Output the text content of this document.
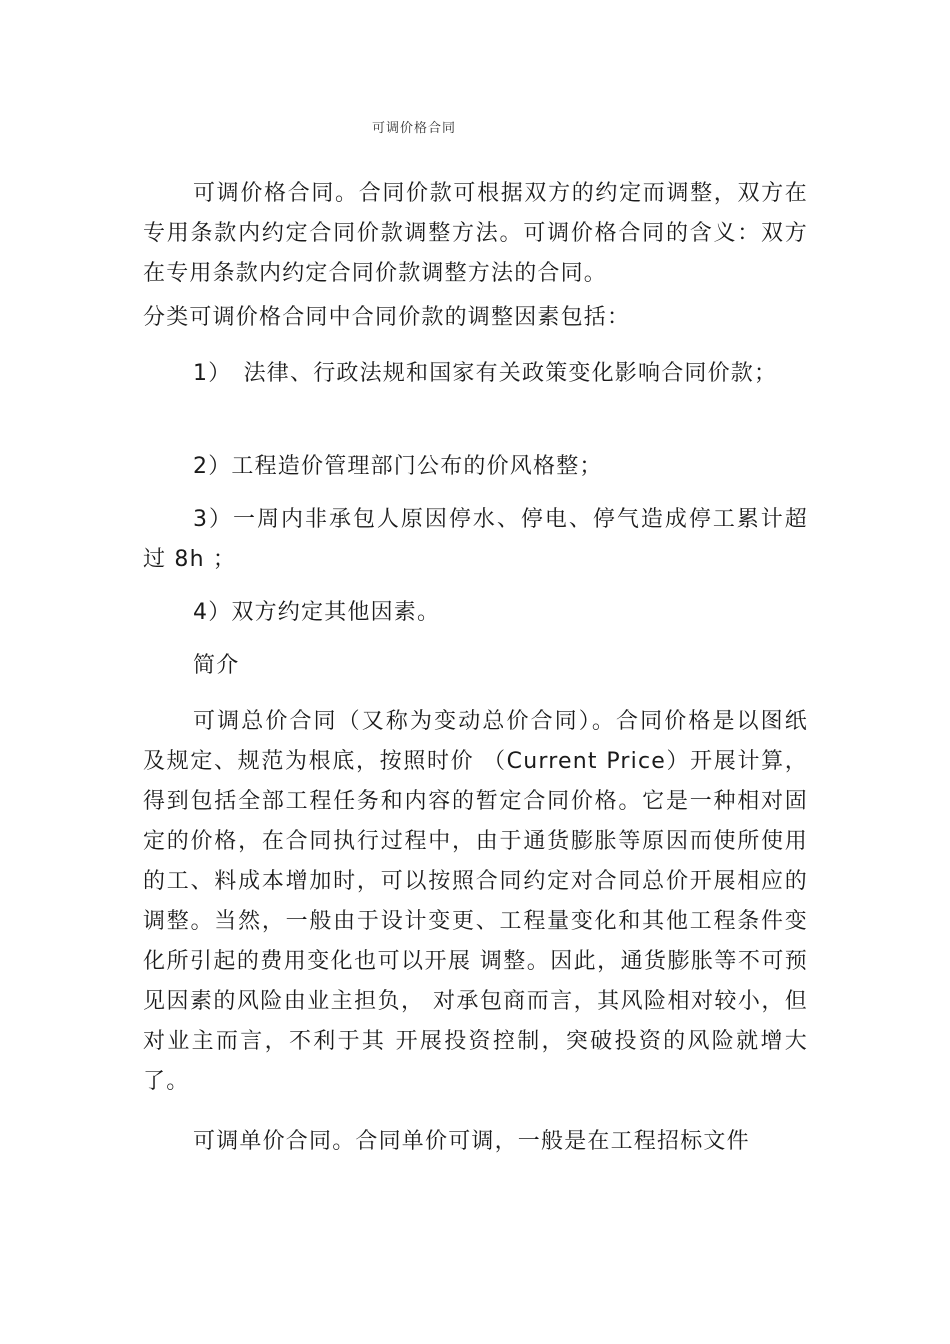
可调价格合同
可调价格合同。合同价款可根据双方的约定而调整，双方在专用条款内约定合同价款调整方法。可调价格合同的含义：双方在专用条款内约定合同价款调整方法的合同。
分类可调价格合同中合同价款的调整因素包括：
1）　法律、行政法规和国家有关政策变化影响合同价款；
2）工程造价管理部门公布的价风格整；
3）一周内非承包人原因停水、停电、停气造成停工累计超过 8h ；
4）双方约定其他因素。
简介
可调总价合同（又称为变动总价合同）。合同价格是以图纸及规定、规范为根底，按照时价 （Current Price）开展计算，得到包括全部工程任务和内容的暂定合同价格。它是一种相对固定的价格，在合同执行过程中，由于通货膨胀等原因而使所使用的工、料成本增加时，可以按照合同约定对合同总价开展相应的调整。当然，一般由于设计变更、工程量变化和其他工程条件变化所引起的费用变化也可以开展 调整。因此，通货膨胀等不可预见因素的风险由业主担负， 对承包商而言，其风险相对较小，但对业主而言，不利于其 开展投资控制，突破投资的风险就增大了。
可调单价合同。合同单价可调，一般是在工程招标文件
